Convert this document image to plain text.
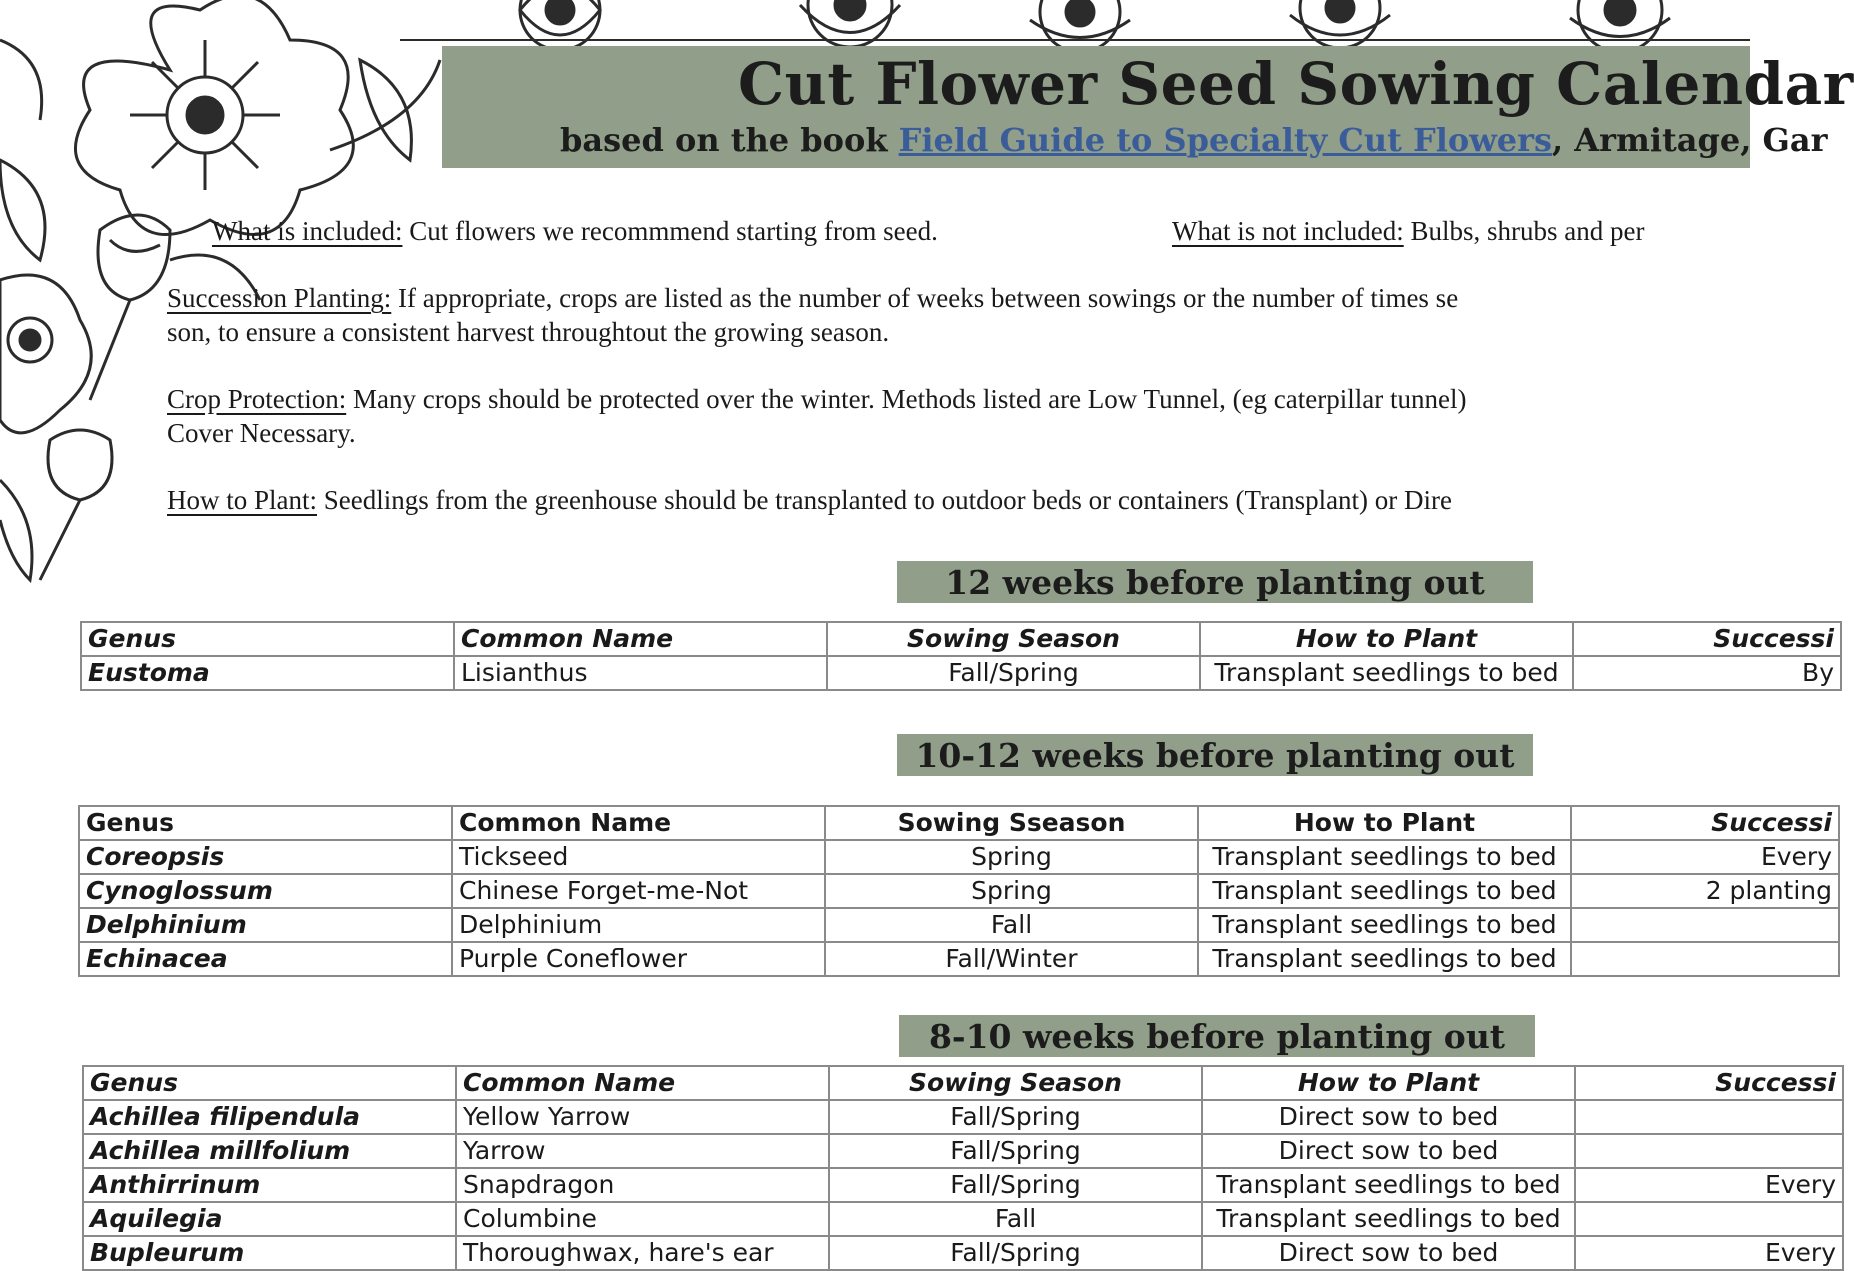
Cut Flower Seed Sowing Calendar
based on the book Field Guide to Specialty Cut Flowers, Armitage, Gar
What is included: Cut flowers we recommmend starting from seed.	What is not included: Bulbs, shrubs and per
Succession Planting: If appropriate, crops are listed as the number of weeks between sowings or the number of times se
son, to ensure a consistent harvest throughtout the growing season.
Crop Protection: Many crops should be protected over the winter. Methods listed are Low Tunnel, (eg caterpillar tunnel)
Cover Necessary.
How to Plant: Seedlings from the greenhouse should be transplanted to outdoor beds or containers (Transplant) or Dire
12 weeks before planting out
Genus	Common Name	Sowing Season	How to Plant	Successi
Eustoma	Lisianthus	Fall/Spring	Transplant seedlings to bed	By
10-12 weeks before planting out
Genus	Common Name	Sowing Sseason	How to Plant	Successi
Coreopsis	Tickseed	Spring	Transplant seedlings to bed	Every
Cynoglossum	Chinese Forget-me-Not	Spring	Transplant seedlings to bed	2 planting
Delphinium	Delphinium	Fall	Transplant seedlings to bed	
Echinacea	Purple Coneflower	Fall/Winter	Transplant seedlings to bed	
8-10 weeks before planting out
Genus	Common Name	Sowing Season	How to Plant	Successi
Achillea filipendula	Yellow Yarrow	Fall/Spring	Direct sow to bed	
Achillea millfolium	Yarrow	Fall/Spring	Direct sow to bed	
Anthirrinum	Snapdragon	Fall/Spring	Transplant seedlings to bed	Every
Aquilegia	Columbine	Fall	Transplant seedlings to bed	
Bupleurum	Thoroughwax, hare's ear	Fall/Spring	Direct sow to bed	Every
